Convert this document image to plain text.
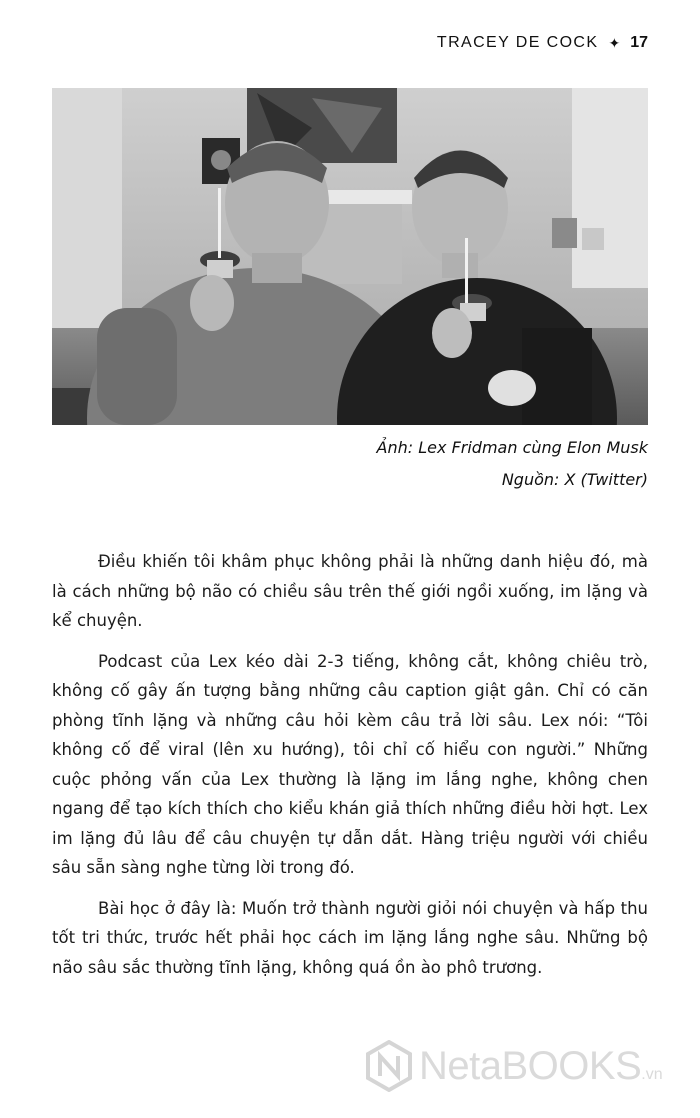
TRACEY DE COCK ✦ 17
Ảnh: Lex Fridman cùng Elon Musk
Nguồn: X (Twitter)

Điều khiến tôi khâm phục không phải là những danh hiệu đó, mà là cách những bộ não có chiều sâu trên thế giới ngồi xuống, im lặng và kể chuyện.

Podcast của Lex kéo dài 2-3 tiếng, không cắt, không chiêu trò, không cố gây ấn tượng bằng những câu caption giật gân. Chỉ có căn phòng tĩnh lặng và những câu hỏi kèm câu trả lời sâu. Lex nói: “Tôi không cố để viral (lên xu hướng), tôi chỉ cố hiểu con người.” Những cuộc phỏng vấn của Lex thường là lặng im lắng nghe, không chen ngang để tạo kích thích cho kiểu khán giả thích những điều hời hợt. Lex im lặng đủ lâu để câu chuyện tự dẫn dắt. Hàng triệu người với chiều sâu sẵn sàng nghe từng lời trong đó.

Bài học ở đây là: Muốn trở thành người giỏi nói chuyện và hấp thu tốt tri thức, trước hết phải học cách im lặng lắng nghe sâu. Những bộ não sâu sắc thường tĩnh lặng, không quá ồn ào phô trương.

NetaBOOKS.vn
